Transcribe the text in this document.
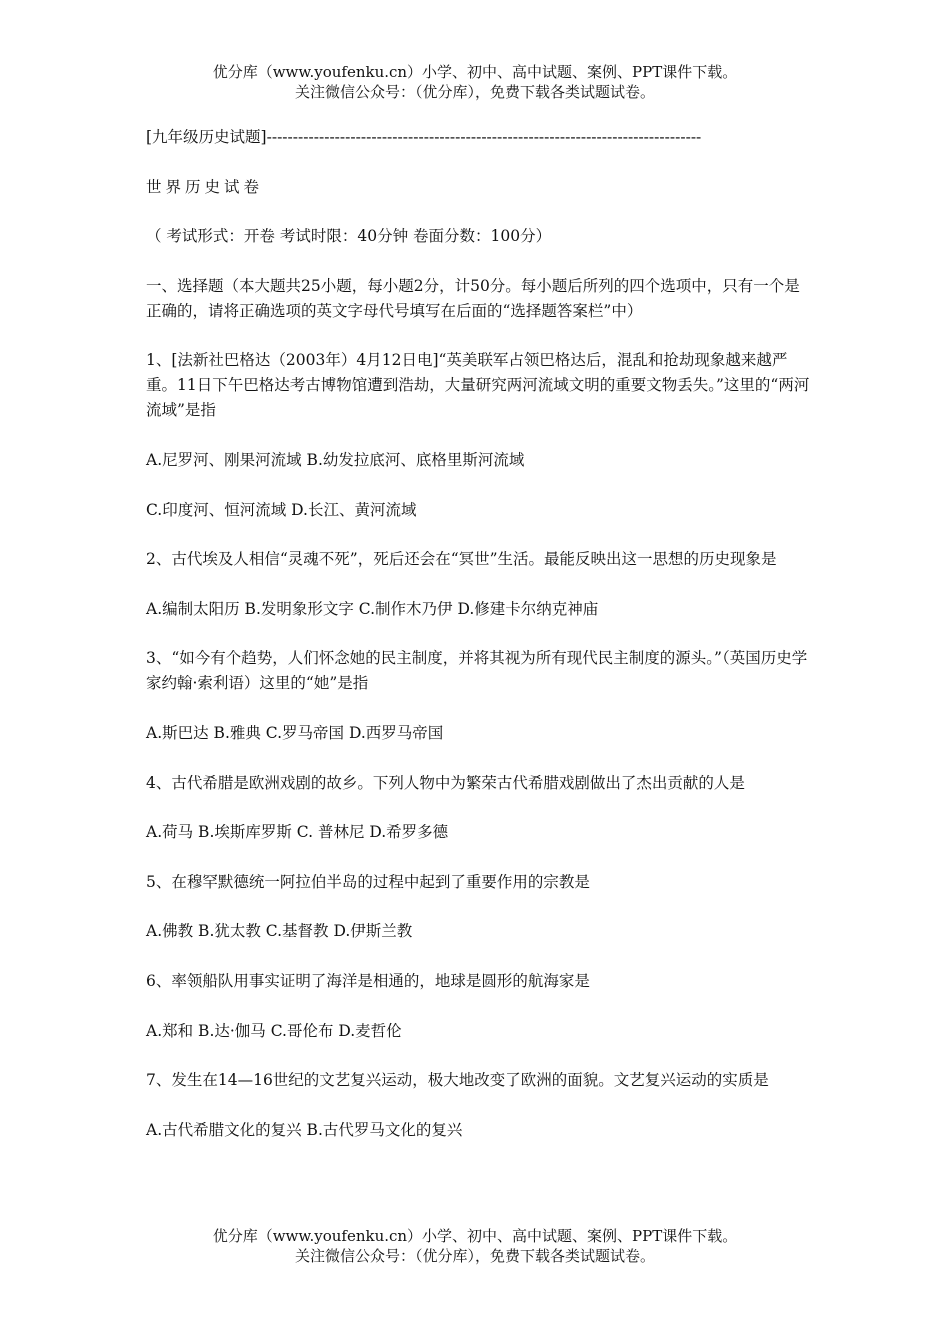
优分库（www.youfenku.cn）小学、初中、高中试题、案例、PPT课件下载。
关注微信公众号：（优分库），免费下载各类试题试卷。

[九年级历史试题]-----------------------------------------------------------------------------------

世界历史试卷

（ 考试形式：开卷 考试时限：40分钟 卷面分数：100分）

一、选择题（本大题共25小题，每小题2分，计50分。每小题后所列的四个选项中，只有一个是正确的，请将正确选项的英文字母代号填写在后面的“选择题答案栏”中）

1、[法新社巴格达（2003年）4月12日电]“英美联军占领巴格达后，混乱和抢劫现象越来越严重。11日下午巴格达考古博物馆遭到浩劫，大量研究两河流域文明的重要文物丢失。”这里的“两河流域”是指

A.尼罗河、刚果河流域 B.幼发拉底河、底格里斯河流域

C.印度河、恒河流域 D.长江、黄河流域

2、古代埃及人相信“灵魂不死”，死后还会在“冥世”生活。最能反映出这一思想的历史现象是

A.编制太阳历 B.发明象形文字 C.制作木乃伊 D.修建卡尔纳克神庙

3、“如今有个趋势，人们怀念她的民主制度，并将其视为所有现代民主制度的源头。”（英国历史学家约翰·索利语）这里的“她”是指

A.斯巴达 B.雅典 C.罗马帝国 D.西罗马帝国

4、古代希腊是欧洲戏剧的故乡。下列人物中为繁荣古代希腊戏剧做出了杰出贡献的人是

A.荷马 B.埃斯库罗斯 C. 普林尼 D.希罗多德

5、在穆罕默德统一阿拉伯半岛的过程中起到了重要作用的宗教是

A.佛教 B.犹太教 C.基督教 D.伊斯兰教

6、率领船队用事实证明了海洋是相通的，地球是圆形的航海家是

A.郑和 B.达·伽马 C.哥伦布 D.麦哲伦

7、发生在14—16世纪的文艺复兴运动，极大地改变了欧洲的面貌。文艺复兴运动的实质是

A.古代希腊文化的复兴 B.古代罗马文化的复兴

优分库（www.youfenku.cn）小学、初中、高中试题、案例、PPT课件下载。
关注微信公众号：（优分库），免费下载各类试题试卷。
